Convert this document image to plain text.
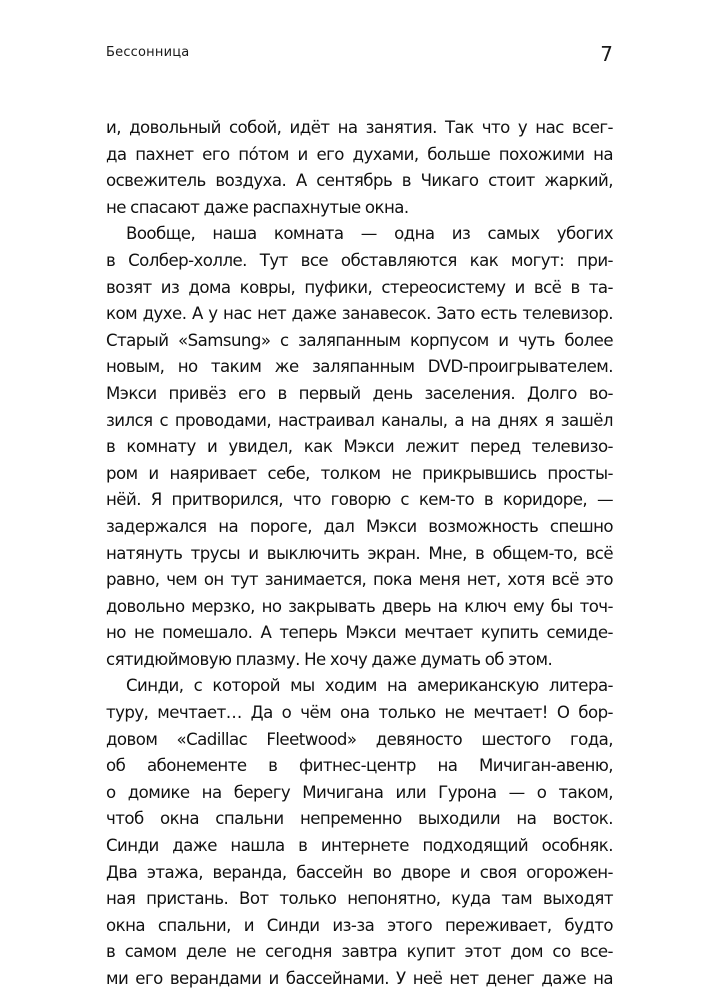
Бессонница	7
и, довольный собой, идёт на занятия. Так что у нас всег-
да пахнет его пóтом и его духами, больше похожими на
освежитель воздуха. А сентябрь в Чикаго стоит жаркий,
не спасают даже распахнутые окна.
Вообще, наша комната — одна из самых убогих
в Солбер-холле. Тут все обставляются как могут: при-
возят из дома ковры, пуфики, стереосистему и всё в та-
ком духе. А у нас нет даже занавесок. Зато есть телевизор.
Старый «Samsung» с заляпанным корпусом и чуть более
новым, но таким же заляпанным DVD-проигрывателем.
Мэкси привёз его в первый день заселения. Долго во-
зился с проводами, настраивал каналы, а на днях я зашёл
в комнату и увидел, как Мэкси лежит перед телевизо-
ром и наяривает себе, толком не прикрывшись просты-
нёй. Я притворился, что говорю с кем-то в коридоре, —
задержался на пороге, дал Мэкси возможность спешно
натянуть трусы и выключить экран. Мне, в общем-то, всё
равно, чем он тут занимается, пока меня нет, хотя всё это
довольно мерзко, но закрывать дверь на ключ ему бы точ-
но не помешало. А теперь Мэкси мечтает купить семиде-
сятидюймовую плазму. Не хочу даже думать об этом.
Синди, с которой мы ходим на американскую литера-
туру, мечтает… Да о чём она только не мечтает! О бор-
довом «Cadillac Fleetwood» девяносто шестого года,
об абонементе в фитнес-центр на Мичиган-авеню,
о домике на берегу Мичигана или Гурона — о таком,
чтоб окна спальни непременно выходили на восток.
Синди даже нашла в интернете подходящий особняк.
Два этажа, веранда, бассейн во дворе и своя огорожен-
ная пристань. Вот только непонятно, куда там выходят
окна спальни, и Синди из-за этого переживает, будто
в самом деле не сегодня завтра купит этот дом со все-
ми его верандами и бассейнами. У неё нет денег даже на
